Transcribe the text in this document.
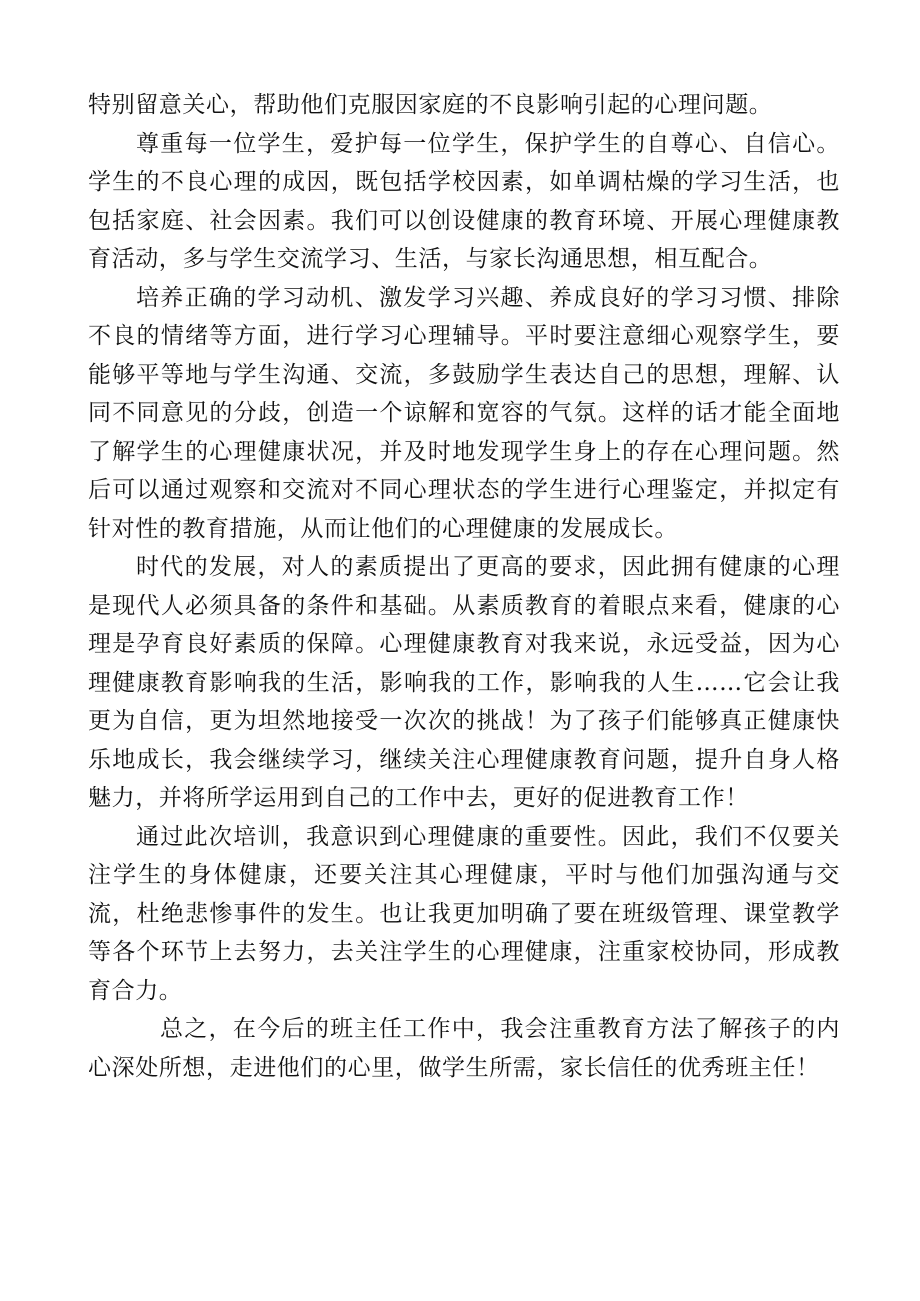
特别留意关心，帮助他们克服因家庭的不良影响引起的心理问题。

尊重每一位学生，爱护每一位学生，保护学生的自尊心、自信心。学生的不良心理的成因，既包括学校因素，如单调枯燥的学习生活，也包括家庭、社会因素。我们可以创设健康的教育环境、开展心理健康教育活动，多与学生交流学习、生活，与家长沟通思想，相互配合。

培养正确的学习动机、激发学习兴趣、养成良好的学习习惯、排除不良的情绪等方面，进行学习心理辅导。平时要注意细心观察学生，要能够平等地与学生沟通、交流，多鼓励学生表达自己的思想，理解、认同不同意见的分歧，创造一个谅解和宽容的气氛。这样的话才能全面地了解学生的心理健康状况，并及时地发现学生身上的存在心理问题。然后可以通过观察和交流对不同心理状态的学生进行心理鉴定，并拟定有针对性的教育措施，从而让他们的心理健康的发展成长。

时代的发展，对人的素质提出了更高的要求，因此拥有健康的心理是现代人必须具备的条件和基础。从素质教育的着眼点来看，健康的心理是孕育良好素质的保障。心理健康教育对我来说，永远受益，因为心理健康教育影响我的生活，影响我的工作，影响我的人生……它会让我更为自信，更为坦然地接受一次次的挑战！为了孩子们能够真正健康快乐地成长，我会继续学习，继续关注心理健康教育问题，提升自身人格魅力，并将所学运用到自己的工作中去，更好的促进教育工作！

通过此次培训，我意识到心理健康的重要性。因此，我们不仅要关注学生的身体健康，还要关注其心理健康，平时与他们加强沟通与交流，杜绝悲惨事件的发生。也让我更加明确了要在班级管理、课堂教学等各个环节上去努力，去关注学生的心理健康，注重家校协同，形成教育合力。

总之，在今后的班主任工作中，我会注重教育方法了解孩子的内心深处所想，走进他们的心里，做学生所需，家长信任的优秀班主任！
